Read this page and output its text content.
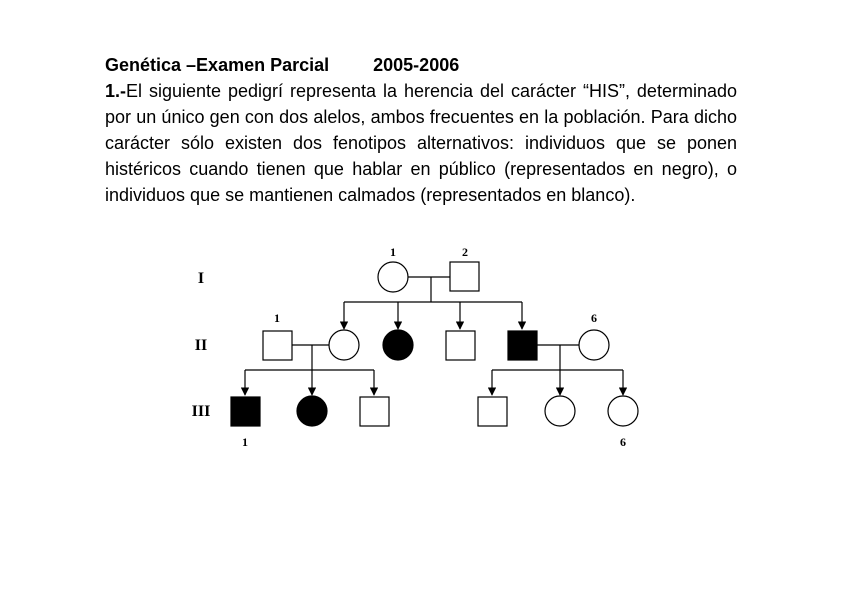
Genética –Examen Parcial 2005-2006
1.-El siguiente pedigrí representa la herencia del carácter “HIS”, determinado por un único gen con dos alelos, ambos frecuentes en la población. Para dicho carácter sólo existen dos fenotipos alternativos: individuos que se ponen histéricos cuando tienen que hablar en público (representados en negro), o individuos que se mantienen calmados (representados en blanco).
I
II
III
1	2
1	6
1	6
